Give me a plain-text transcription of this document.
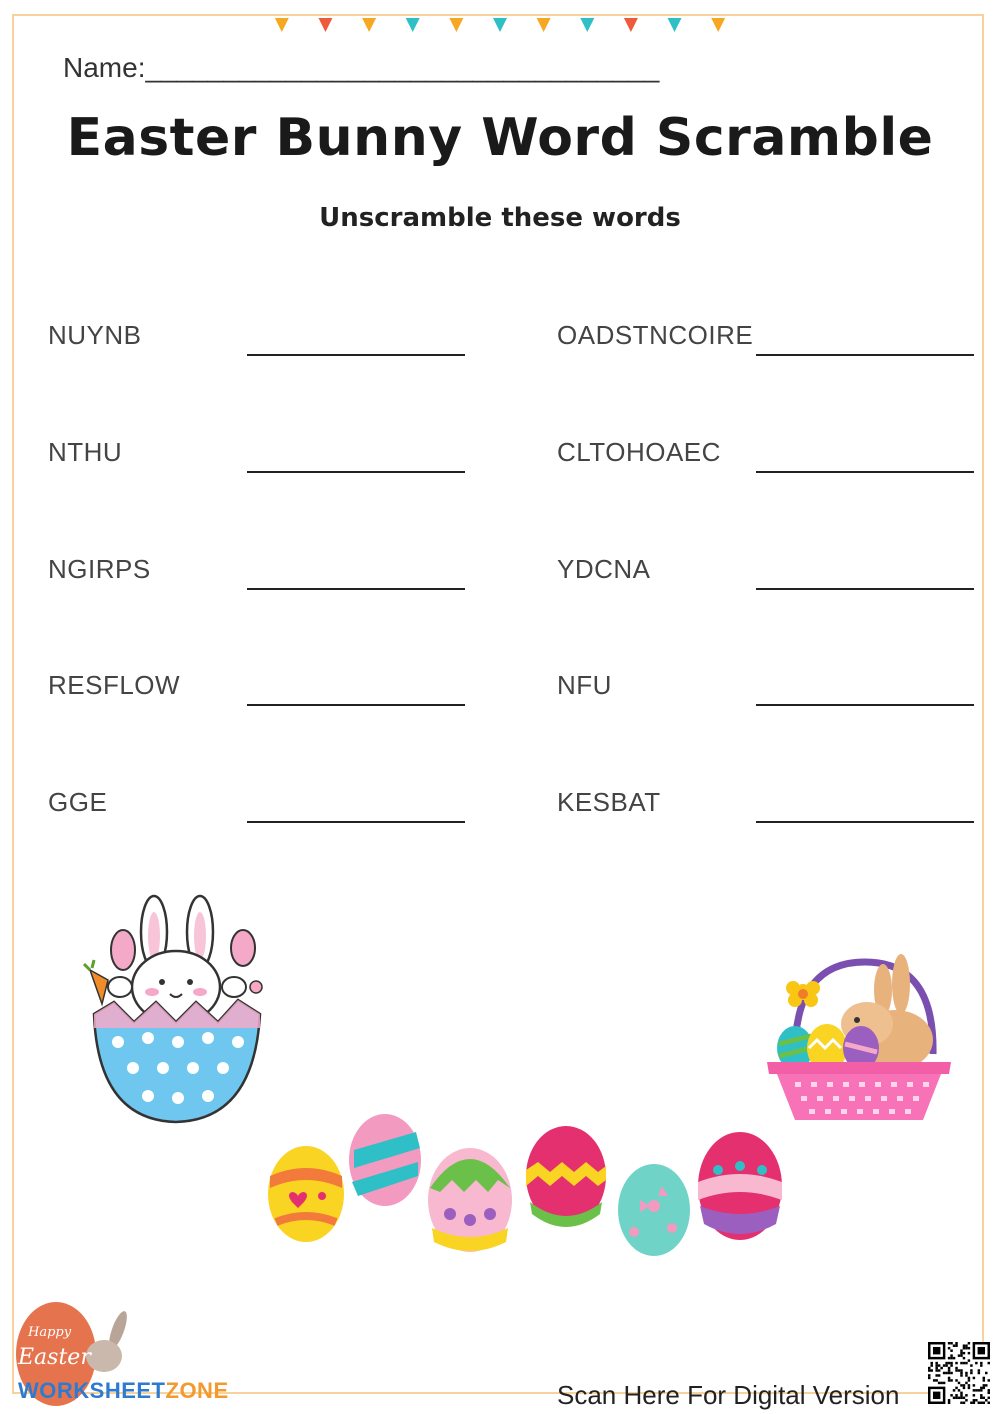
Name:_________________________________
Easter Bunny Word Scramble
Unscramble these words
NUYNB
NTHU
NGIRPS
RESFLOW
GGE
OADSTNCOIRE
CLTOHOAEC
YDCNA
NFU
KESBAT
Happy
Easter
WORKSHEETZONE	Scan Here For Digital Version
